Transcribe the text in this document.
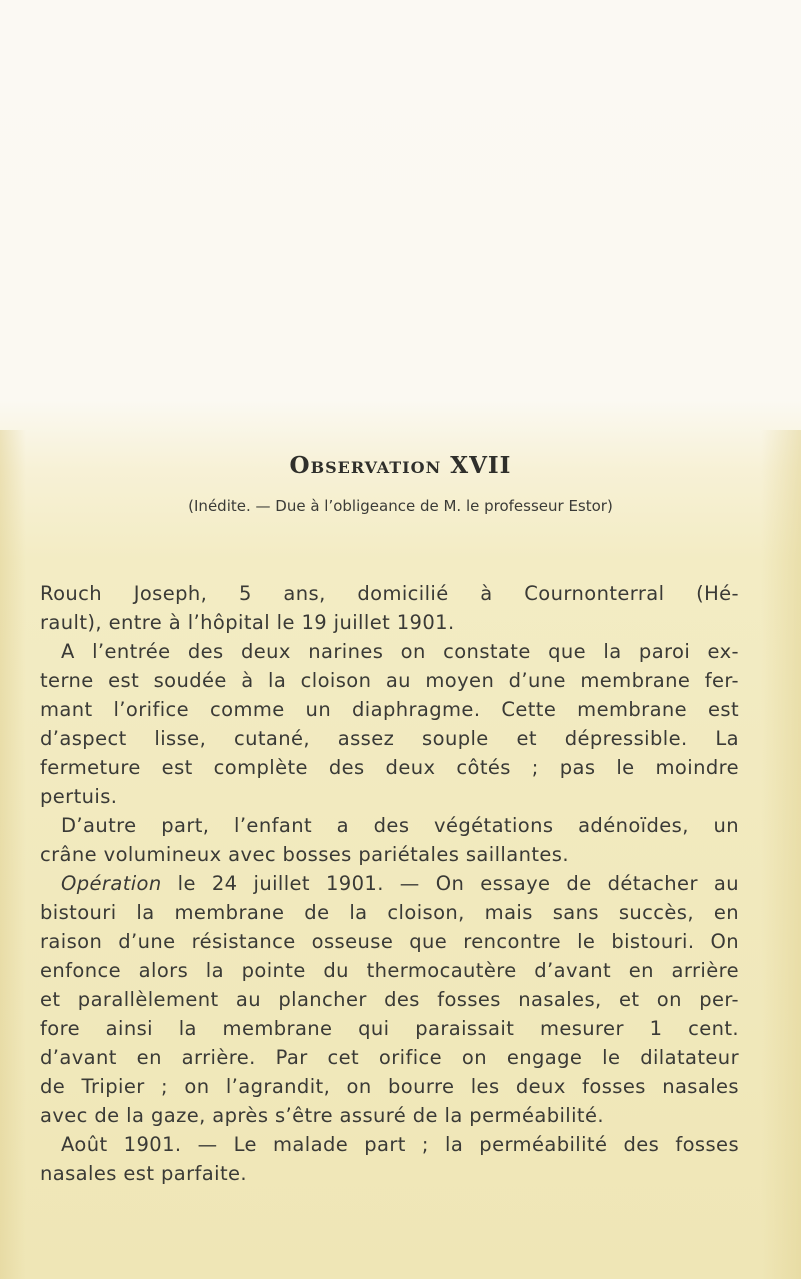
Observation XVII

(Inédite. — Due à l’obligeance de M. le professeur Estor)

Rouch Joseph, 5 ans, domicilié à Cournonterral (Hé-

rault), entre à l’hôpital le 19 juillet 1901.

A l’entrée des deux narines on constate que la paroi ex-

terne est soudée à la cloison au moyen d’une membrane fer-

mant l’orifice comme un diaphragme. Cette membrane est

d’aspect lisse, cutané, assez souple et dépressible. La

fermeture est complète des deux côtés ; pas le moindre

pertuis.

D’autre part, l’enfant a des végétations adénoïdes, un

crâne volumineux avec bosses pariétales saillantes.

Opération le 24 juillet 1901. — On essaye de détacher au

bistouri la membrane de la cloison, mais sans succès, en

raison d’une résistance osseuse que rencontre le bistouri. On

enfonce alors la pointe du thermocautère d’avant en arrière

et parallèlement au plancher des fosses nasales, et on per-

fore ainsi la membrane qui paraissait mesurer 1 cent.

d’avant en arrière. Par cet orifice on engage le dilatateur

de Tripier ; on l’agrandit, on bourre les deux fosses nasales

avec de la gaze, après s’être assuré de la perméabilité.

Août 1901. — Le malade part ; la perméabilité des fosses

nasales est parfaite.
